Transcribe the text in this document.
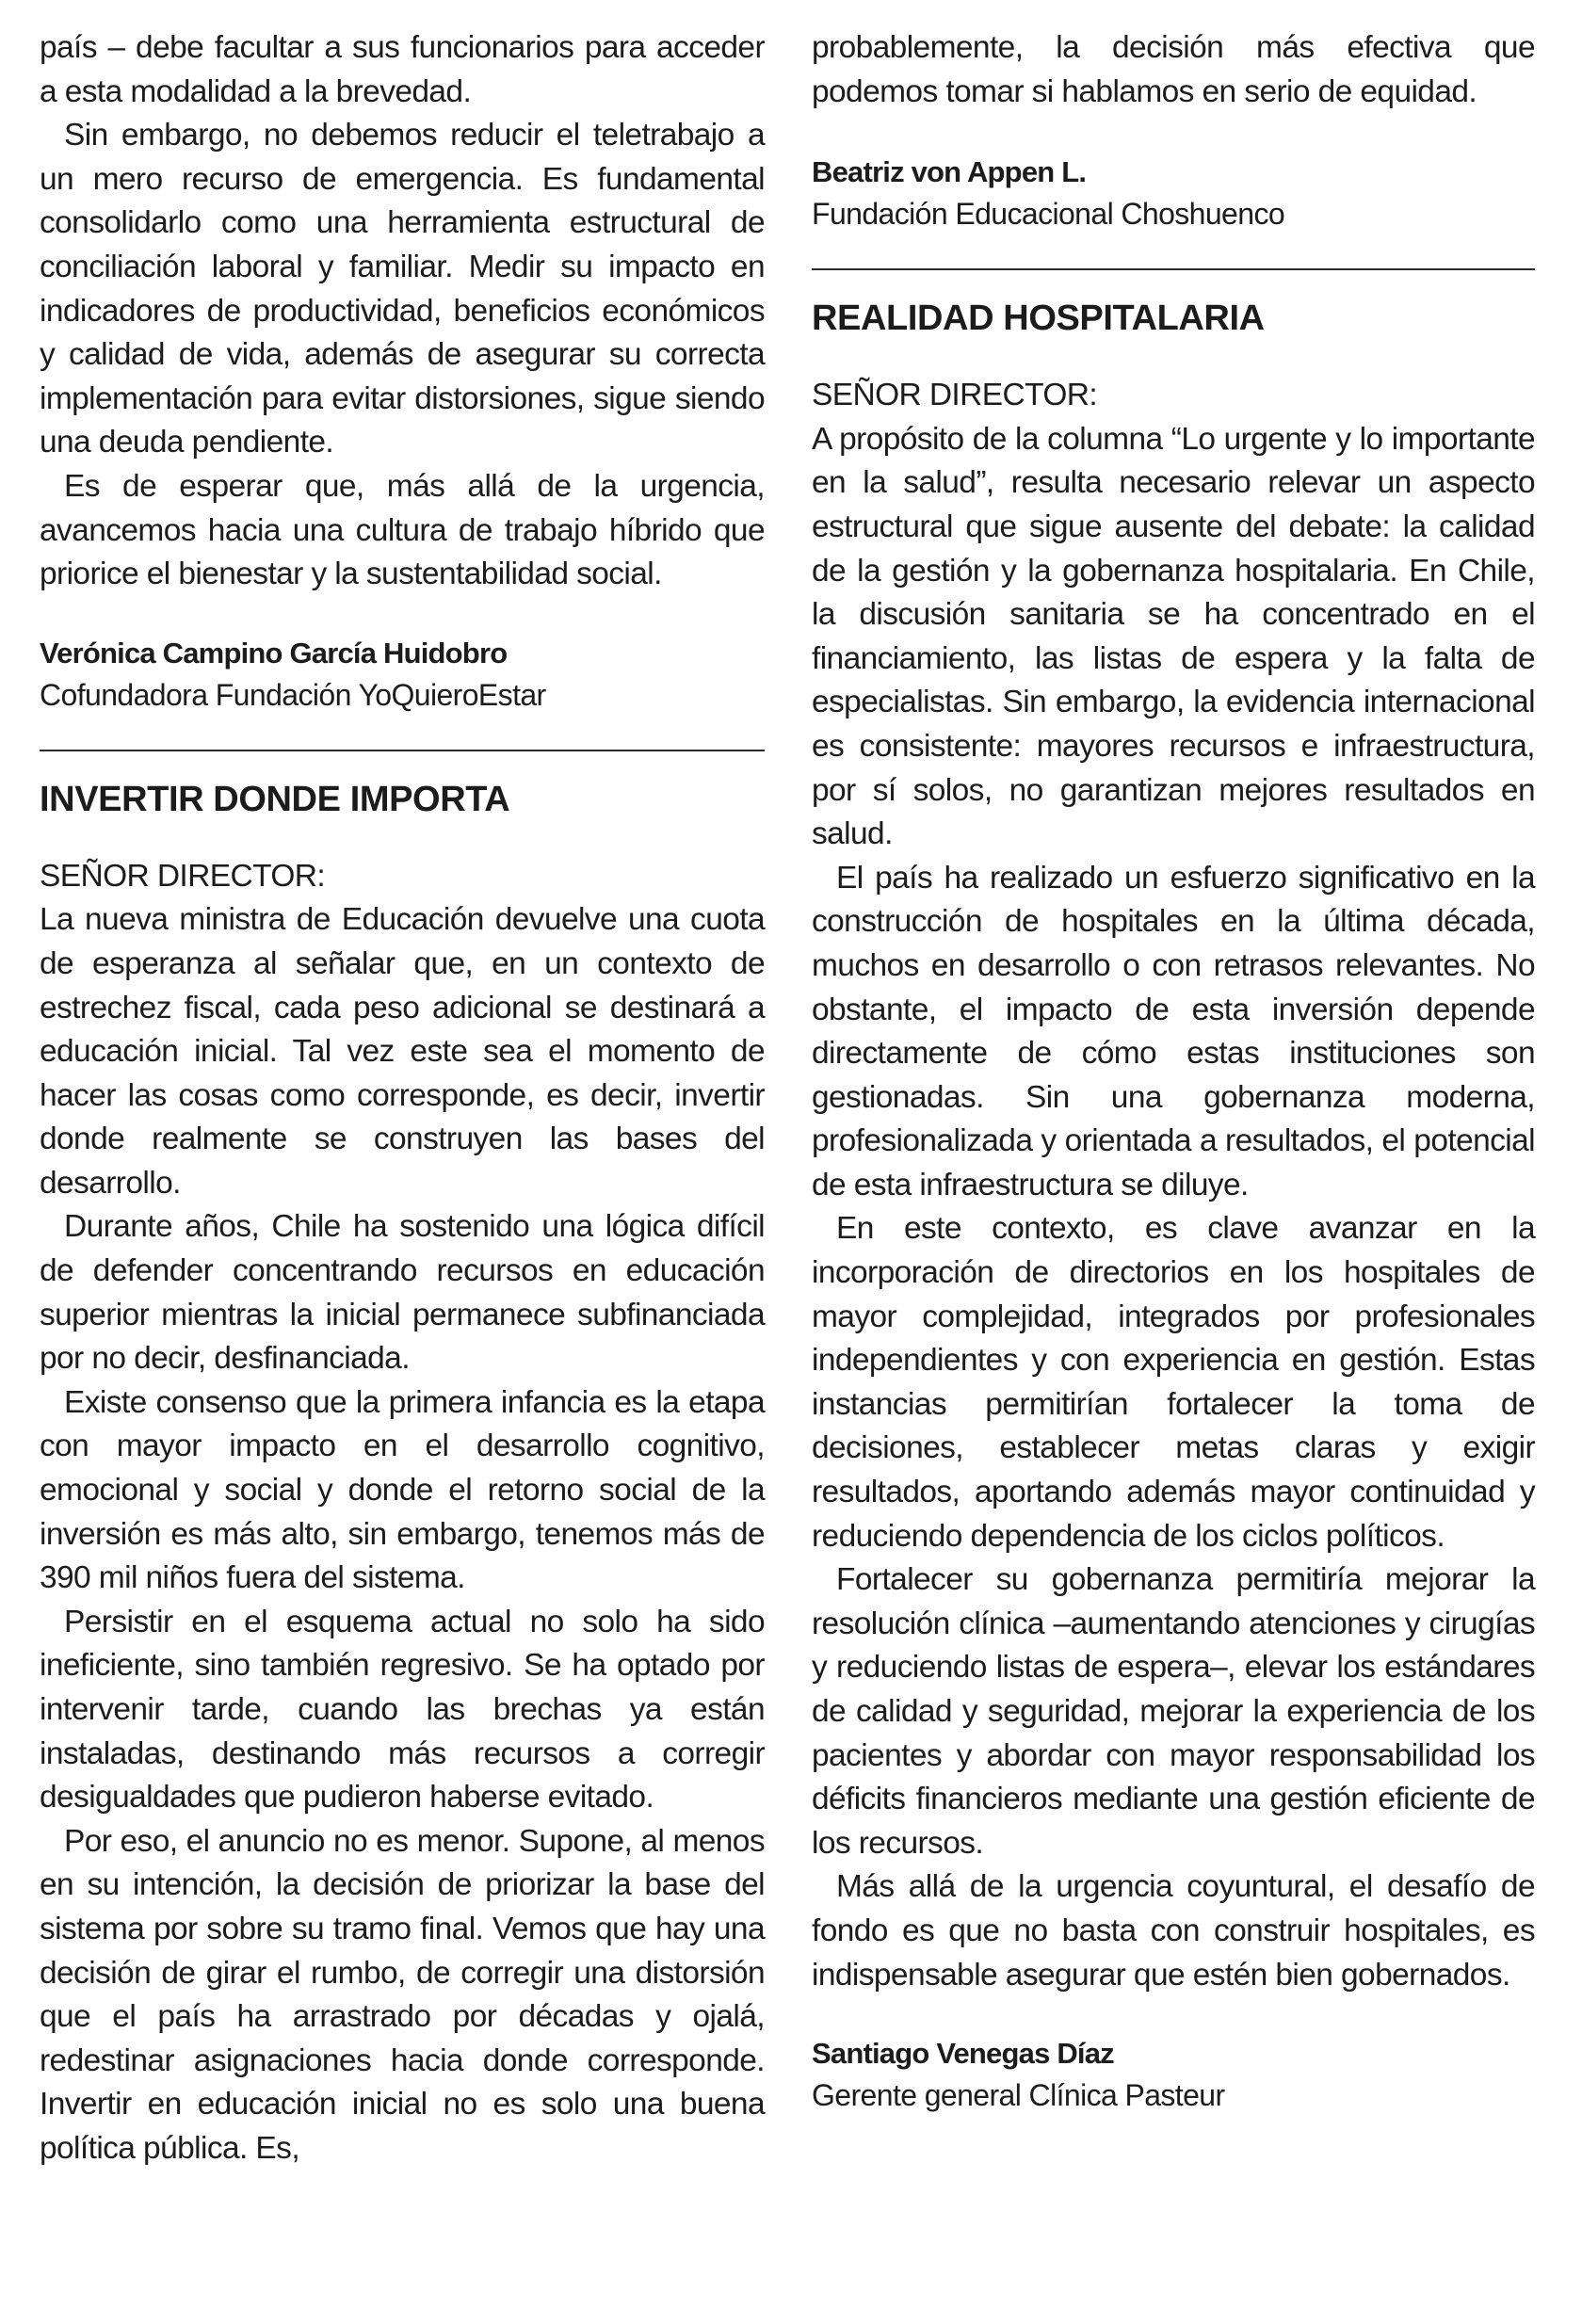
país – debe facultar a sus funcionarios para acceder a esta modalidad a la brevedad.

Sin embargo, no debemos reducir el teletrabajo a un mero recurso de emergencia. Es fundamental consolidarlo como una herramienta estructural de conciliación laboral y familiar. Medir su impacto en indicadores de productividad, beneficios económicos y calidad de vida, además de asegurar su correcta implementación para evitar distorsiones, sigue siendo una deuda pendiente.

Es de esperar que, más allá de la urgencia, avancemos hacia una cultura de trabajo híbrido que priorice el bienestar y la sustentabilidad social.

Verónica Campino García Huidobro

Cofundadora Fundación YoQuieroEstar

INVERTIR DONDE IMPORTA

SEÑOR DIRECTOR:

La nueva ministra de Educación devuelve una cuota de esperanza al señalar que, en un contexto de estrechez fiscal, cada peso adicional se destinará a educación inicial. Tal vez este sea el momento de hacer las cosas como corresponde, es decir, invertir donde realmente se construyen las bases del desarrollo.

Durante años, Chile ha sostenido una lógica difícil de defender concentrando recursos en educación superior mientras la inicial permanece subfinanciada por no decir, desfinanciada.

Existe consenso que la primera infancia es la etapa con mayor impacto en el desarrollo cognitivo, emocional y social y donde el retorno social de la inversión es más alto, sin embargo, tenemos más de 390 mil niños fuera del sistema.

Persistir en el esquema actual no solo ha sido ineficiente, sino también regresivo. Se ha optado por intervenir tarde, cuando las brechas ya están instaladas, destinando más recursos a corregir desigualdades que pudieron haberse evitado.

Por eso, el anuncio no es menor. Supone, al menos en su intención, la decisión de priorizar la base del sistema por sobre su tramo final. Vemos que hay una decisión de girar el rumbo, de corregir una distorsión que el país ha arrastrado por décadas y ojalá, redestinar asignaciones hacia donde corresponde. Invertir en educación inicial no es solo una buena política pública. Es,

probablemente, la decisión más efectiva que podemos tomar si hablamos en serio de equidad.

Beatriz von Appen L.

Fundación Educacional Choshuenco

REALIDAD HOSPITALARIA

SEÑOR DIRECTOR:

A propósito de la columna “Lo urgente y lo importante en la salud”, resulta necesario relevar un aspecto estructural que sigue ausente del debate: la calidad de la gestión y la gobernanza hospitalaria. En Chile, la discusión sanitaria se ha concentrado en el financiamiento, las listas de espera y la falta de especialistas. Sin embargo, la evidencia internacional es consistente: mayores recursos e infraestructura, por sí solos, no garantizan mejores resultados en salud.

El país ha realizado un esfuerzo significativo en la construcción de hospitales en la última década, muchos en desarrollo o con retrasos relevantes. No obstante, el impacto de esta inversión depende directamente de cómo estas instituciones son gestionadas. Sin una gobernanza moderna, profesionalizada y orientada a resultados, el potencial de esta infraestructura se diluye.

En este contexto, es clave avanzar en la incorporación de directorios en los hospitales de mayor complejidad, integrados por profesionales independientes y con experiencia en gestión. Estas instancias permitirían fortalecer la toma de decisiones, establecer metas claras y exigir resultados, aportando además mayor continuidad y reduciendo dependencia de los ciclos políticos.

Fortalecer su gobernanza permitiría mejorar la resolución clínica –aumentando atenciones y cirugías y reduciendo listas de espera–, elevar los estándares de calidad y seguridad, mejorar la experiencia de los pacientes y abordar con mayor responsabilidad los déficits financieros mediante una gestión eficiente de los recursos.

Más allá de la urgencia coyuntural, el desafío de fondo es que no basta con construir hospitales, es indispensable asegurar que estén bien gobernados.

Santiago Venegas Díaz

Gerente general Clínica Pasteur
